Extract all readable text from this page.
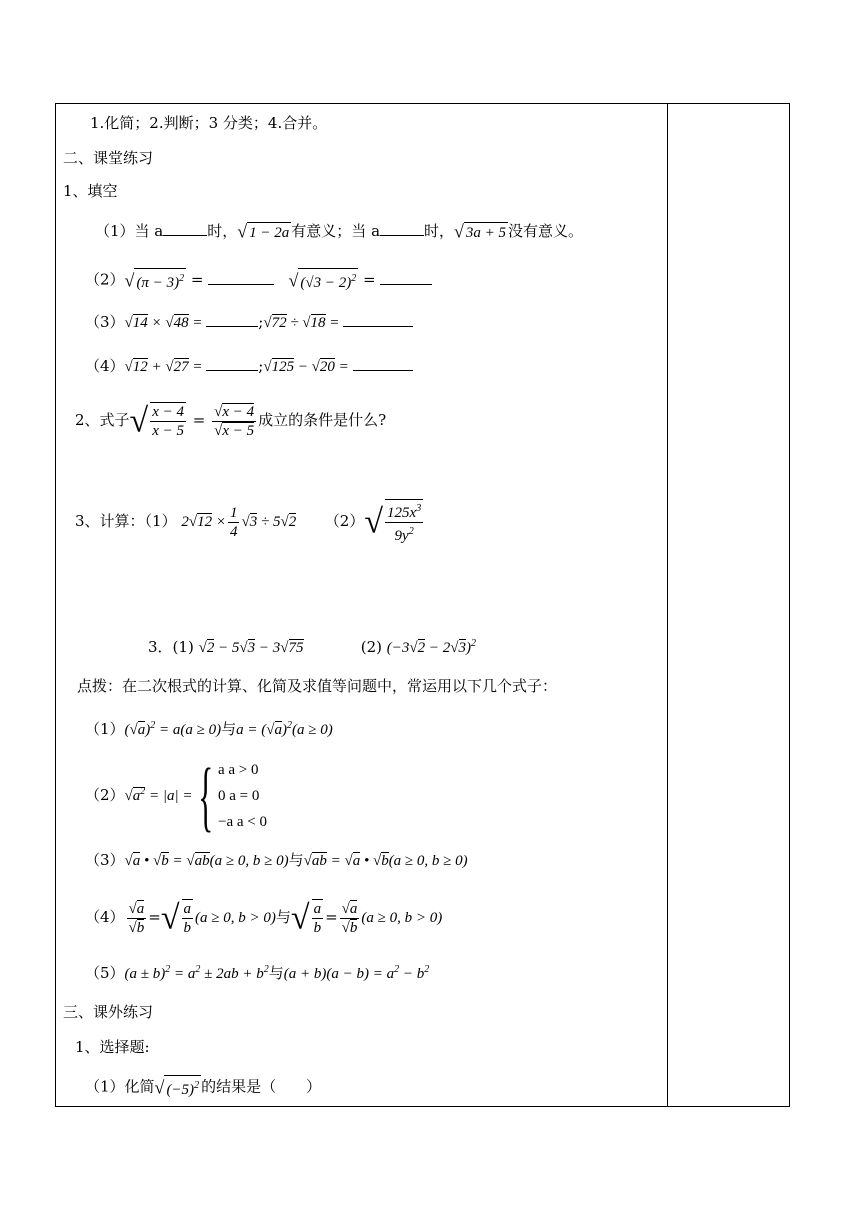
1.化简；2.判断；3 分类；4.合并。
二、课堂练习
1、填空
（1）当 a	时，√ 1 − 2a 有意义；当 a	时，√ 3a + 5 没有意义。
（2）√ $(\pi - 3)^2$ =	√ $(√3 - 2)^2$ =
（3）√14 × √48 =	;√72 ÷ √18 =
（4）√12 + √27 =	;√125 − √20 =
2、式子√ $\frac{x - 4}{x - 5} = \frac{√x - 4}{√x - 5}$ 成立的条件是什么?
3、计算：（1） $2√12 \times \frac{1}{4} √3 \div 5√2$ $(2)√ \frac{125x^3}{9y^2}$
3．(1) √2 − 5√3 − 3√75	(2) $(-3√2 - 2√3)^2$
点拨：在二次根式的计算、化简及求值等问题中，常运用以下几个式子：
$(1)(√a)^2 = a(a \ge 0)$与$a = (√a)^2(a \ge 0)$
$(2)√a^2 = |a|$ ={ a a > 0
0 a = 0
−a a < 0
（3）√a • √b = √ab(a ≥ 0, b ≥ 0)与√ab = √a • √b(a ≥ 0, b ≥ 0)
$(4) \frac{√a}{√b}$ =√ $\frac{a}{b} (a \ge 0$, b > 0)与√ $\frac{a}{b} = \frac{√a}{√b} (a \ge 0$, b > 0)
$(5)(a \pm b)^2 = a^2 \pm 2ab + b^2$与$(a + b)(a - b) = a^2 - b^2$
三、课外练习
1、选择题:
（1）化简√ $(-5)^2$ 的结果是（　　）
